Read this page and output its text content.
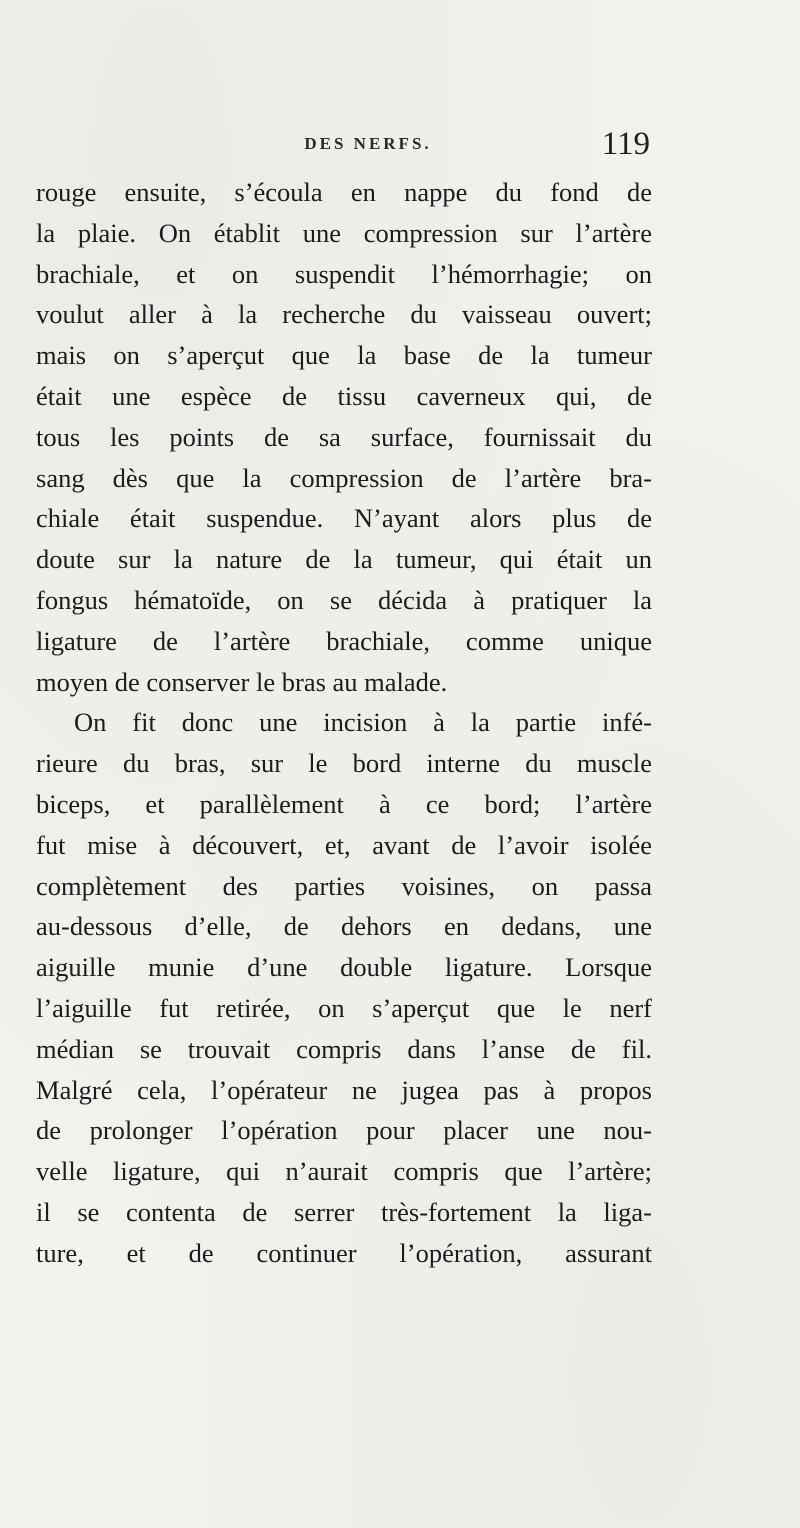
DES NERFS.	119
rouge ensuite, s’écoula en nappe du fond de
la plaie. On établit une compression sur l’artère
brachiale, et on suspendit l’hémorrhagie; on
voulut aller à la recherche du vaisseau ouvert;
mais on s’aperçut que la base de la tumeur
était une espèce de tissu caverneux qui, de
tous les points de sa surface, fournissait du
sang dès que la compression de l’artère bra-
chiale était suspendue. N’ayant alors plus de
doute sur la nature de la tumeur, qui était un
fongus hématoïde, on se décida à pratiquer la
ligature de l’artère brachiale, comme unique
moyen de conserver le bras au malade.
On fit donc une incision à la partie infé-
rieure du bras, sur le bord interne du muscle
biceps, et parallèlement à ce bord; l’artère
fut mise à découvert, et, avant de l’avoir isolée
complètement des parties voisines, on passa
au-dessous d’elle, de dehors en dedans, une
aiguille munie d’une double ligature. Lorsque
l’aiguille fut retirée, on s’aperçut que le nerf
médian se trouvait compris dans l’anse de fil.
Malgré cela, l’opérateur ne jugea pas à propos
de prolonger l’opération pour placer une nou-
velle ligature, qui n’aurait compris que l’artère;
il se contenta de serrer très-fortement la liga-
ture, et de continuer l’opération, assurant
